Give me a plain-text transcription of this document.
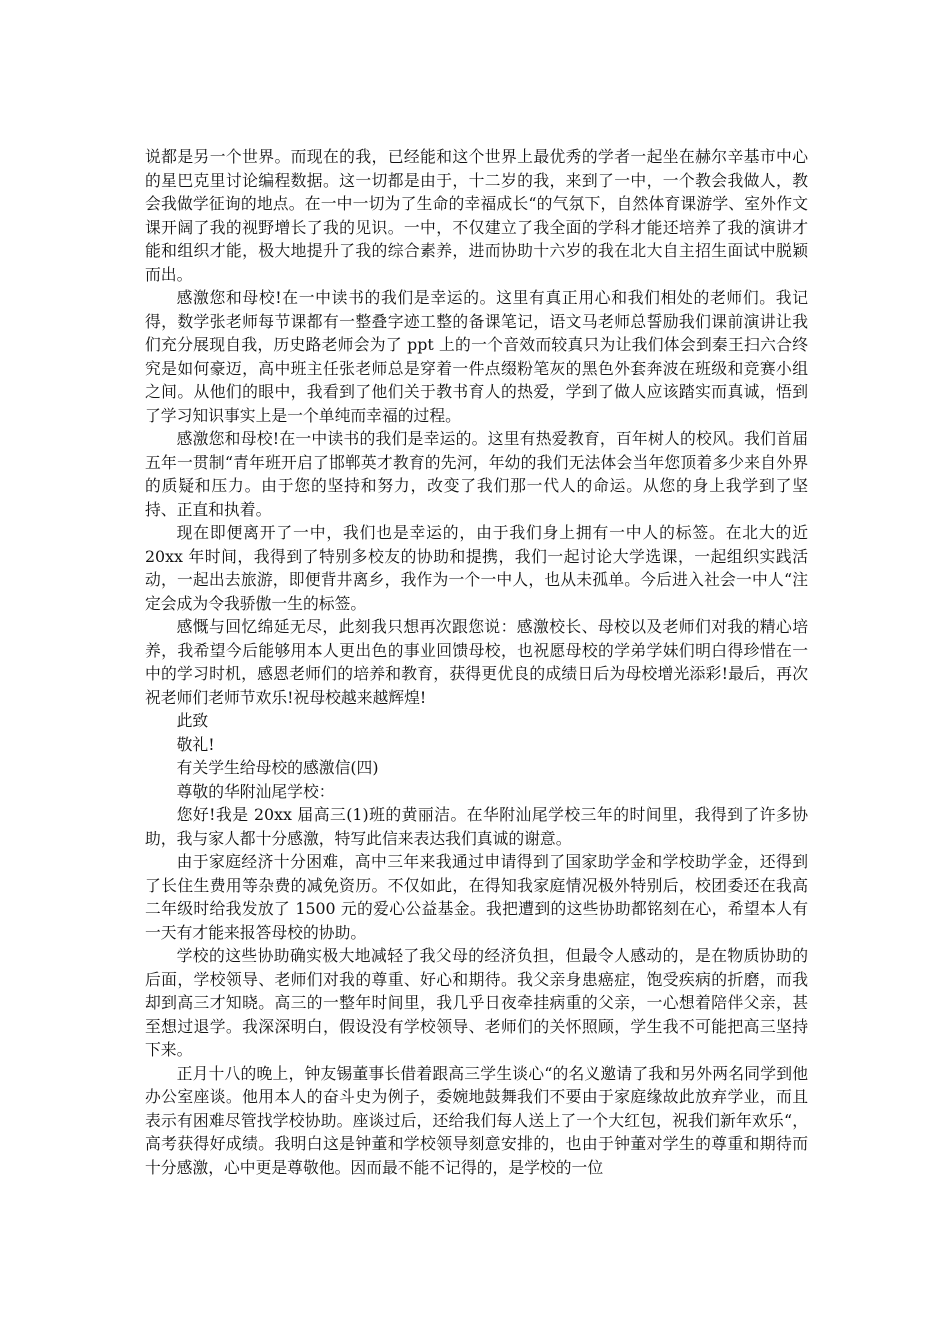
说都是另一个世界。而现在的我，已经能和这个世界上最优秀的学者一起坐在赫尔辛基市中心的星巴克里讨论编程数据。这一切都是由于，十二岁的我，来到了一中，一个教会我做人，教会我做学征询的地点。在一中一切为了生命的幸福成长“的气氛下，自然体育课游学、室外作文课开阔了我的视野增长了我的见识。一中，不仅建立了我全面的学科才能还培养了我的演讲才能和组织才能，极大地提升了我的综合素养，进而协助十六岁的我在北大自主招生面试中脱颖而出。

感激您和母校!在一中读书的我们是幸运的。这里有真正用心和我们相处的老师们。我记得，数学张老师每节课都有一整叠字迹工整的备课笔记，语文马老师总誓励我们课前演讲让我们充分展现自我，历史路老师会为了 ppt 上的一个音效而较真只为让我们体会到秦王扫六合终究是如何豪迈，高中班主任张老师总是穿着一件点缀粉笔灰的黑色外套奔波在班级和竞赛小组之间。从他们的眼中，我看到了他们关于教书育人的热爱，学到了做人应该踏实而真诚，悟到了学习知识事实上是一个单纯而幸福的过程。

感激您和母校!在一中读书的我们是幸运的。这里有热爱教育，百年树人的校风。我们首届五年一贯制“青年班开启了邯郸英才教育的先河，年幼的我们无法体会当年您顶着多少来自外界的质疑和压力。由于您的坚持和努力，改变了我们那一代人的命运。从您的身上我学到了坚持、正直和执着。

现在即便离开了一中，我们也是幸运的，由于我们身上拥有一中人的标签。在北大的近 20xx 年时间，我得到了特别多校友的协助和提携，我们一起讨论大学选课，一起组织实践活动，一起出去旅游，即便背井离乡，我作为一个一中人，也从未孤单。今后进入社会一中人“注定会成为令我骄傲一生的标签。

感慨与回忆绵延无尽，此刻我只想再次跟您说：感激校长、母校以及老师们对我的精心培养，我希望今后能够用本人更出色的事业回馈母校，也祝愿母校的学弟学妹们明白得珍惜在一中的学习时机，感恩老师们的培养和教育，获得更优良的成绩日后为母校增光添彩!最后，再次祝老师们老师节欢乐!祝母校越来越辉煌!

此致

敬礼!

有关学生给母校的感激信(四)

尊敬的华附汕尾学校：

您好!我是 20xx 届高三(1)班的黄丽洁。在华附汕尾学校三年的时间里，我得到了许多协助，我与家人都十分感激，特写此信来表达我们真诚的谢意。

由于家庭经济十分困难，高中三年来我通过申请得到了国家助学金和学校助学金，还得到了长住生费用等杂费的减免资历。不仅如此，在得知我家庭情况极外特别后，校团委还在我高二年级时给我发放了 1500 元的爱心公益基金。我把遭到的这些协助都铭刻在心，希望本人有一天有才能来报答母校的协助。

学校的这些协助确实极大地减轻了我父母的经济负担，但最令人感动的，是在物质协助的后面，学校领导、老师们对我的尊重、好心和期待。我父亲身患癌症，饱受疾病的折磨，而我却到高三才知晓。高三的一整年时间里，我几乎日夜牵挂病重的父亲，一心想着陪伴父亲，甚至想过退学。我深深明白，假设没有学校领导、老师们的关怀照顾，学生我不可能把高三坚持下来。

正月十八的晚上，钟友锡董事长借着跟高三学生谈心“的名义邀请了我和另外两名同学到他办公室座谈。他用本人的奋斗史为例子，委婉地鼓舞我们不要由于家庭缘故此放弃学业，而且表示有困难尽管找学校协助。座谈过后，还给我们每人送上了一个大红包，祝我们新年欢乐“，高考获得好成绩。我明白这是钟董和学校领导刻意安排的，也由于钟董对学生的尊重和期待而十分感激，心中更是尊敬他。因而最不能不记得的，是学校的一位
